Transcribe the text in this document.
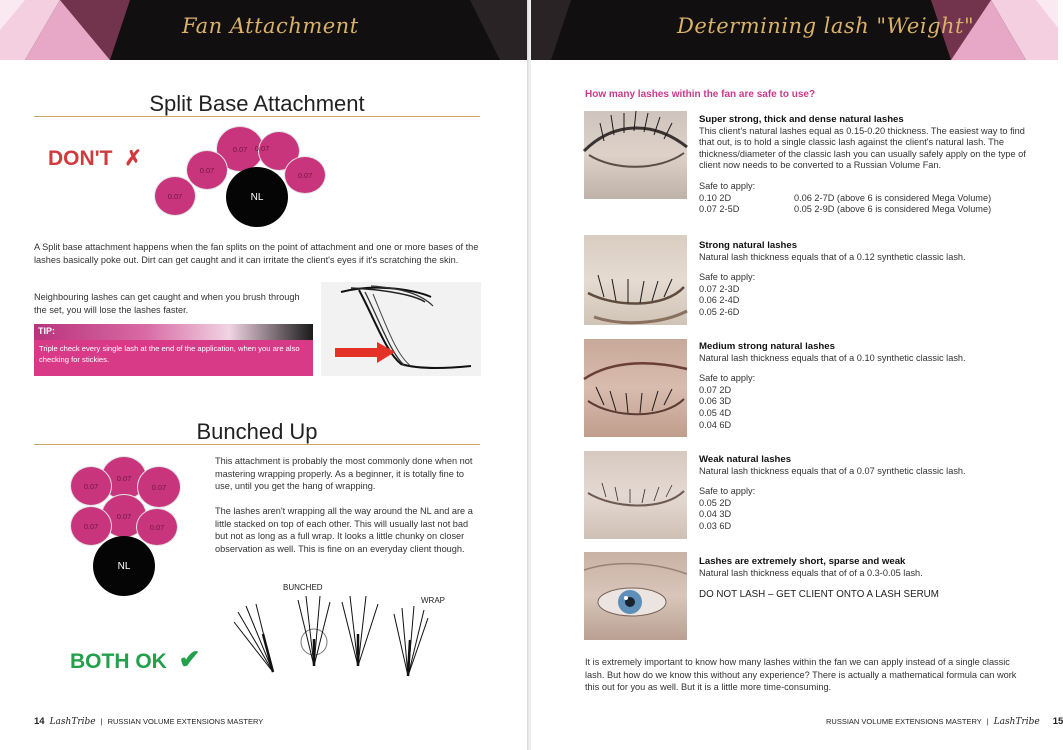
Fan Attachment
Split Base Attachment
DON'T ✗	0.07
0.07
0.07
0.07
0.07
NL
A Split base attachment happens when the fan splits on the point of attachment and one or more bases of the lashes basically poke out. Dirt can get caught and it can irritate the client's eyes if it's scratching the skin.
Neighbouring lashes can get caught and when you brush through the set, you will lose the lashes faster.
TIP:
Triple check every single lash at the end of the application, when you are also checking for stickies.
Bunched Up
0.07
0.07	0.07
0.07
0.07	0.07
NL
This attachment is probably the most commonly done when not mastering wrapping properly. As a beginner, it is totally fine to use, until you get the hang of wrapping.
The lashes aren't wrapping all the way around the NL and are a little stacked on top of each other. This will usually last not bad but not as long as a full wrap. It looks a little chunky on closer observation as well. This is fine on an everyday client though.
BUNCHED
WRAP
BOTH OK ✔
14 LashTribe | RUSSIAN VOLUME EXTENSIONS MASTERY
Determining lash "Weight"
How many lashes within the fan are safe to use?
Super strong, thick and dense natural lashes
This client's natural lashes equal as 0.15-0.20 thickness. The easiest way to find that out, is to hold a single classic lash against the client's natural lash. The thickness/diameter of the classic lash you can usually safely apply on the type of client now needs to be converted to a Russian Volume Fan.
Safe to apply:
0.10 2D	0.06 2-7D (above 6 is considered Mega Volume)
0.07 2-5D	0.05 2-9D (above 6 is considered Mega Volume)
Strong natural lashes
Natural lash thickness equals that of a 0.12 synthetic classic lash.
Safe to apply:
0.07 2-3D
0.06 2-4D
0.05 2-6D
Medium strong natural lashes
Natural lash thickness equals that of a 0.10 synthetic classic lash.
Safe to apply:
0.07 2D
0.06 3D
0.05 4D
0.04 6D
Weak natural lashes
Natural lash thickness equals that of a 0.07 synthetic classic lash.
Safe to apply:
0.05 2D
0.04 3D
0.03 6D
Lashes are extremely short, sparse and weak
Natural lash thickness equals that of of a 0.3-0.05 lash.
DO NOT LASH – GET CLIENT ONTO A LASH SERUM
It is extremely important to know how many lashes within the fan we can apply instead of a single classic lash. But how do we know this without any experience? There is actually a mathematical formula can work this out for you as well. But it is a little more time-consuming.
RUSSIAN VOLUME EXTENSIONS MASTERY | LashTribe 15
